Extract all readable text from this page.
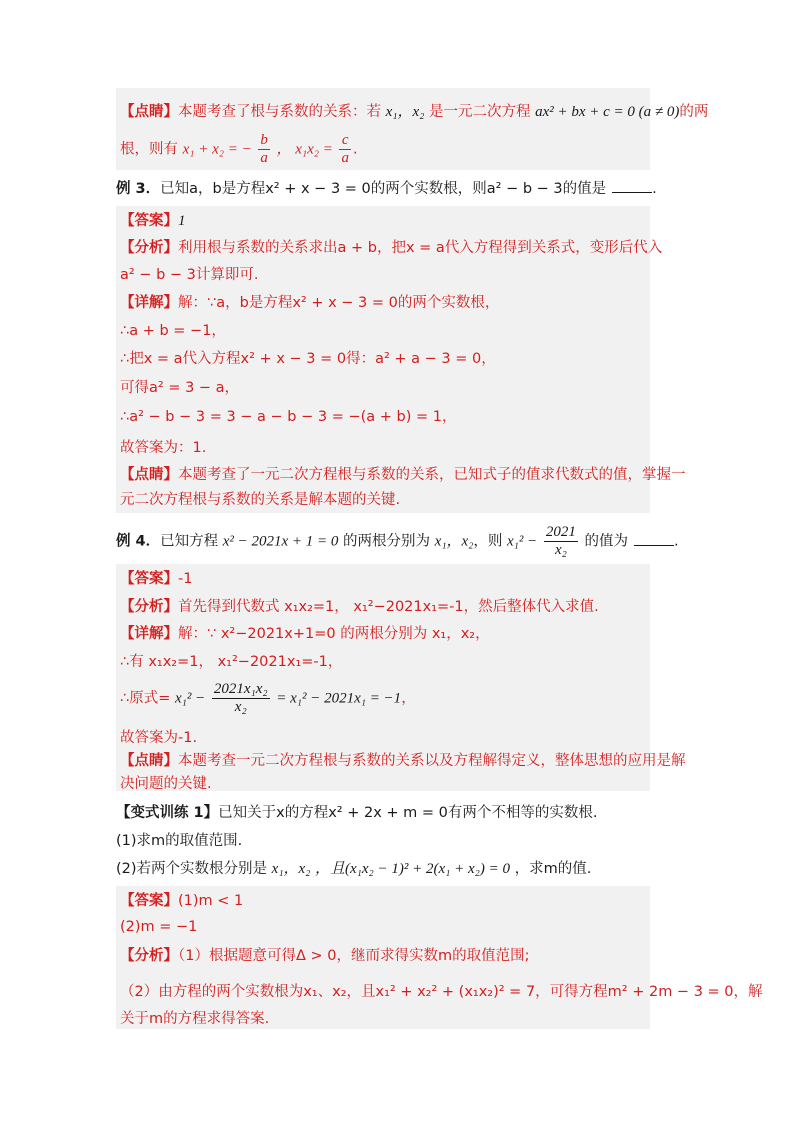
【点睛】本题考查了根与系数的关系：若 x₁，x₂ 是一元二次方程 ax² + bx + c = 0 (a ≠ 0)的两
根，则有 x₁ + x₂ = − $\frac{b}{a}$ ， $x_1x_2 = \frac{c}{a}$ .
例 3．已知a，b是方程x² + x − 3 = 0的两个实数根，则a² − b − 3的值是	.
【答案】1
【分析】利用根与系数的关系求出a + b，把x = a代入方程得到关系式，变形后代入
a² − b − 3计算即可.
【详解】解：∵a，b是方程x² + x − 3 = 0的两个实数根，
∴a + b = −1，
∴把x = a代入方程x² + x − 3 = 0得：a² + a − 3 = 0，
可得a² = 3 − a，
∴a² − b − 3 = 3 − a − b − 3 = −(a + b) = 1，
故答案为：1.
【点睛】本题考查了一元二次方程根与系数的关系，已知式子的值求代数式的值，掌握一
元二次方程根与系数的关系是解本题的关键.
例 4．已知方程 x² − 2021x + 1 = 0 的两根分别为 x₁，x₂，则 $x_1^2 - \frac{2021}{\text{x₂}}$ 的值为	.
【答案】-1
【分析】首先得到代数式 x₁x₂=1， x₁²−2021x₁=-1，然后整体代入求值.
【详解】解：∵ x²−2021x+1=0 的两根分别为 x₁，x₂，
∴有 x₁x₂=1， x₁²−2021x₁=-1，
∴原式= $x_1^2 - \frac{\text{2021x₁x₂}}{\text{x₂}} = x_1^2 - 2021x_1 = -1$，
故答案为-1.
【点睛】本题考查一元二次方程根与系数的关系以及方程解得定义，整体思想的应用是解
决问题的关键.
【变式训练 1】已知关于x的方程x² + 2x + m = 0有两个不相等的实数根.
(1)求m的取值范围.
(2)若两个实数根分别是 x₁，x₂ ，且(x₁x₂ − 1)² + 2(x₁ + x₂) = 0 ，求m的值.
【答案】(1)m < 1
(2)m = −1
【分析】（1）根据题意可得Δ > 0，继而求得实数m的取值范围;
（2）由方程的两个实数根为x₁、x₂，且x₁² + x₂² + (x₁x₂)² = 7，可得方程m² + 2m − 3 = 0，解
关于m的方程求得答案.
